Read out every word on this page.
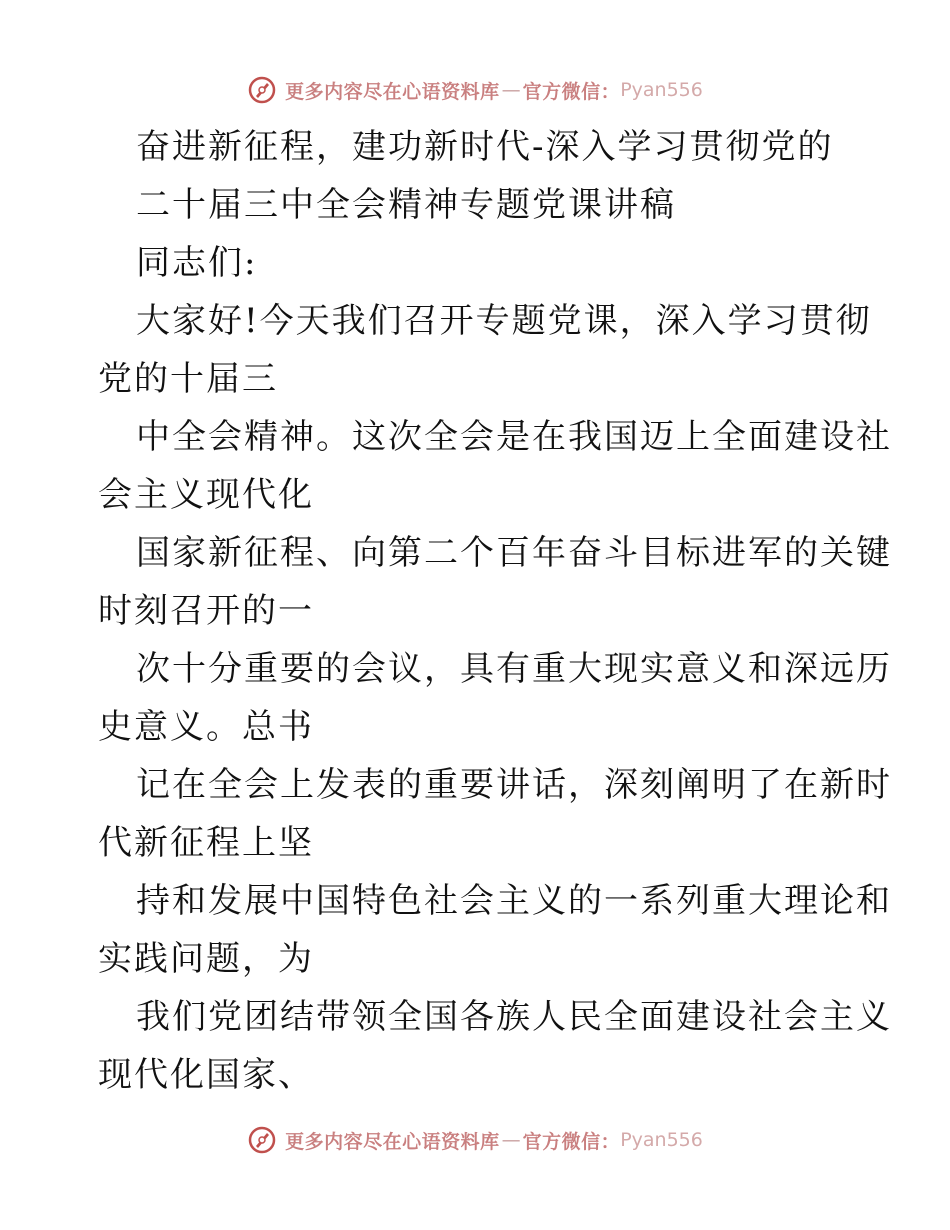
更多内容尽在心语资料库 — 官方微信： Pyan556
奋进新征程，建功新时代-深入学习贯彻党的
二十届三中全会精神专题党课讲稿
同志们:
大家好!今天我们召开专题党课，深入学习贯彻
党的十届三
中全会精神。这次全会是在我国迈上全面建设社
会主义现代化
国家新征程、向第二个百年奋斗目标进军的关键
时刻召开的一
次十分重要的会议，具有重大现实意义和深远历
史意义。总书
记在全会上发表的重要讲话，深刻阐明了在新时
代新征程上坚
持和发展中国特色社会主义的一系列重大理论和
实践问题，为
我们党团结带领全国各族人民全面建设社会主义
现代化国家、
更多内容尽在心语资料库 — 官方微信： Pyan556
